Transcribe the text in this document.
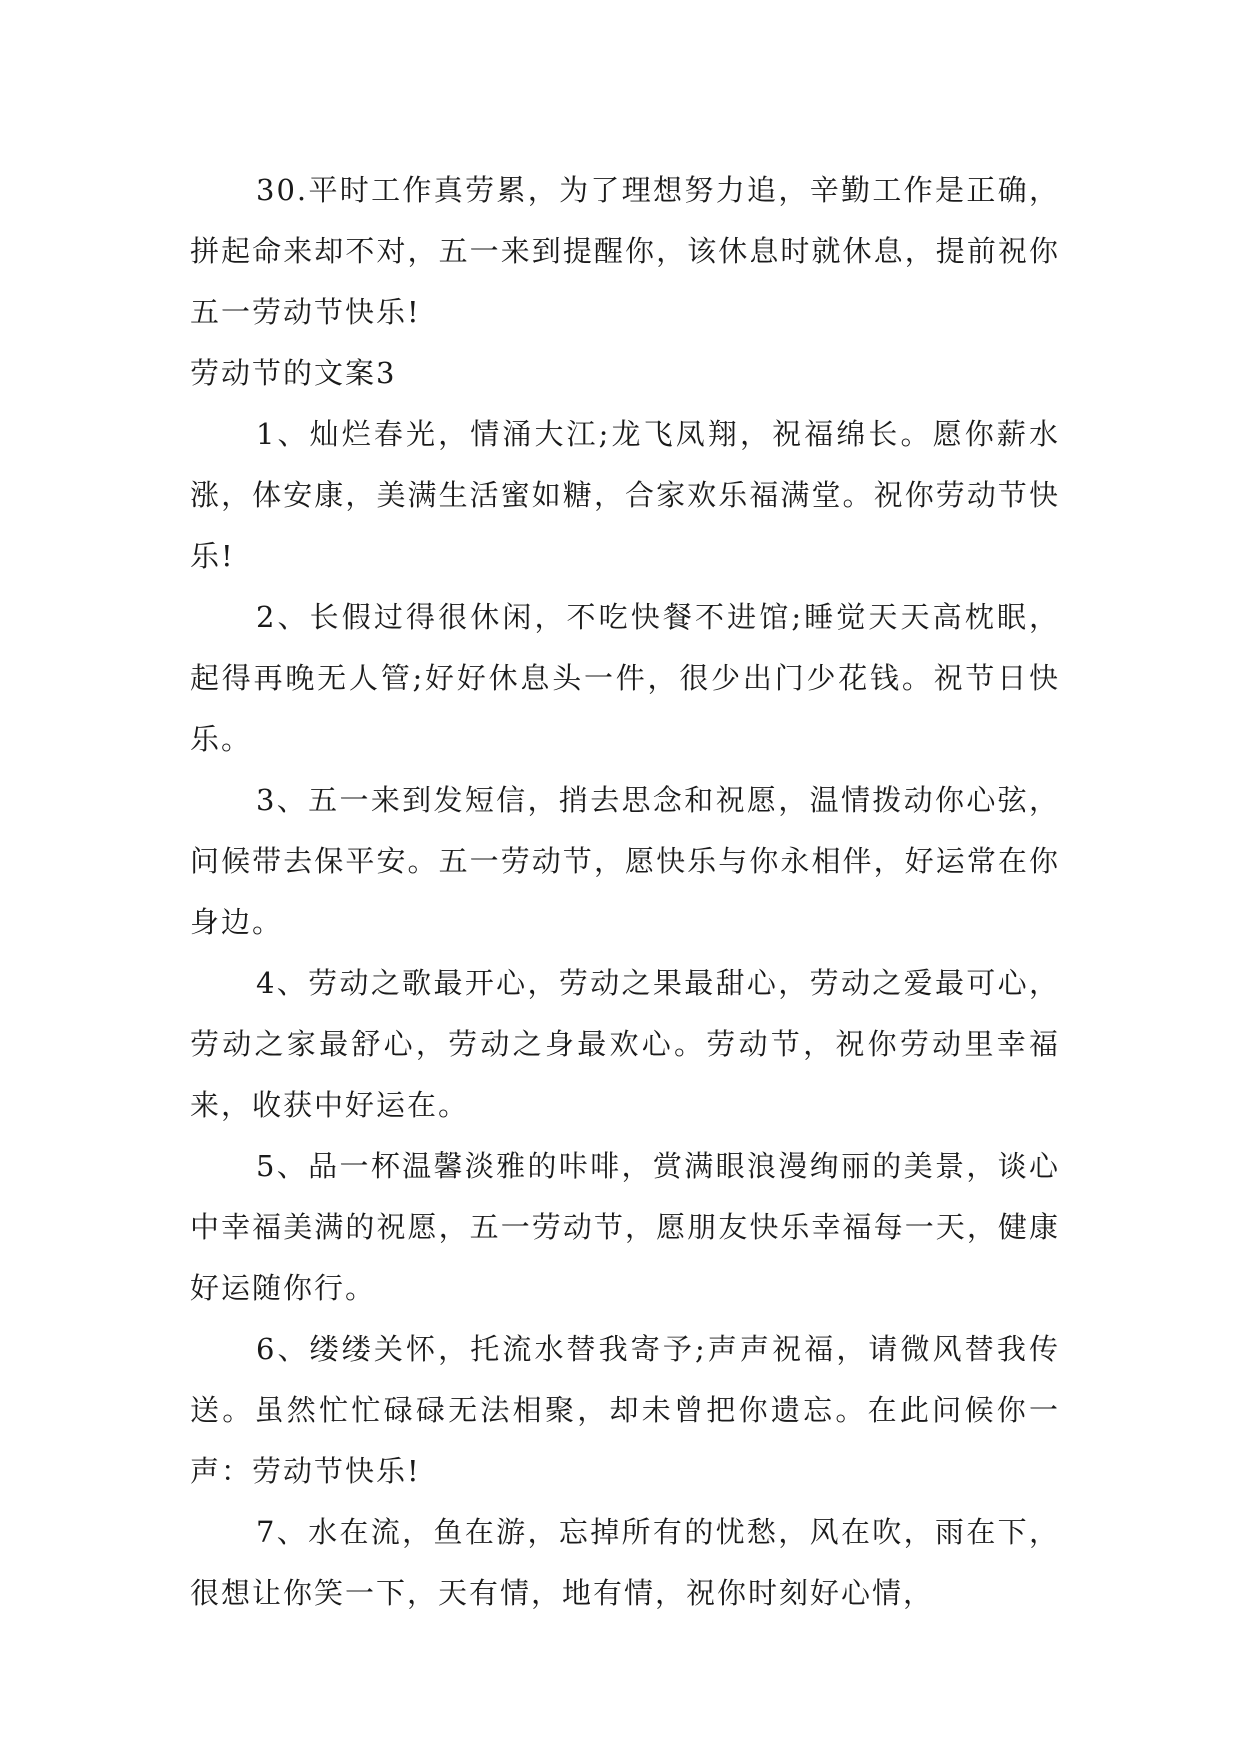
30.平时工作真劳累，为了理想努力追，辛勤工作是正确，拼起命来却不对，五一来到提醒你，该休息时就休息，提前祝你五一劳动节快乐!

劳动节的文案3

1、灿烂春光，情涌大江;龙飞凤翔，祝福绵长。愿你薪水涨，体安康，美满生活蜜如糖，合家欢乐福满堂。祝你劳动节快乐!

2、长假过得很休闲，不吃快餐不进馆;睡觉天天高枕眠，起得再晚无人管;好好休息头一件，很少出门少花钱。祝节日快乐。

3、五一来到发短信，捎去思念和祝愿，温情拨动你心弦，问候带去保平安。五一劳动节，愿快乐与你永相伴，好运常在你身边。

4、劳动之歌最开心，劳动之果最甜心，劳动之爱最可心，劳动之家最舒心，劳动之身最欢心。劳动节，祝你劳动里幸福来，收获中好运在。

5、品一杯温馨淡雅的咔啡，赏满眼浪漫绚丽的美景，谈心中幸福美满的祝愿，五一劳动节，愿朋友快乐幸福每一天，健康好运随你行。

6、缕缕关怀，托流水替我寄予;声声祝福，请微风替我传送。虽然忙忙碌碌无法相聚，却未曾把你遗忘。在此问候你一声：劳动节快乐!

7、水在流，鱼在游，忘掉所有的忧愁，风在吹，雨在下，很想让你笑一下，天有情，地有情，祝你时刻好心情，
